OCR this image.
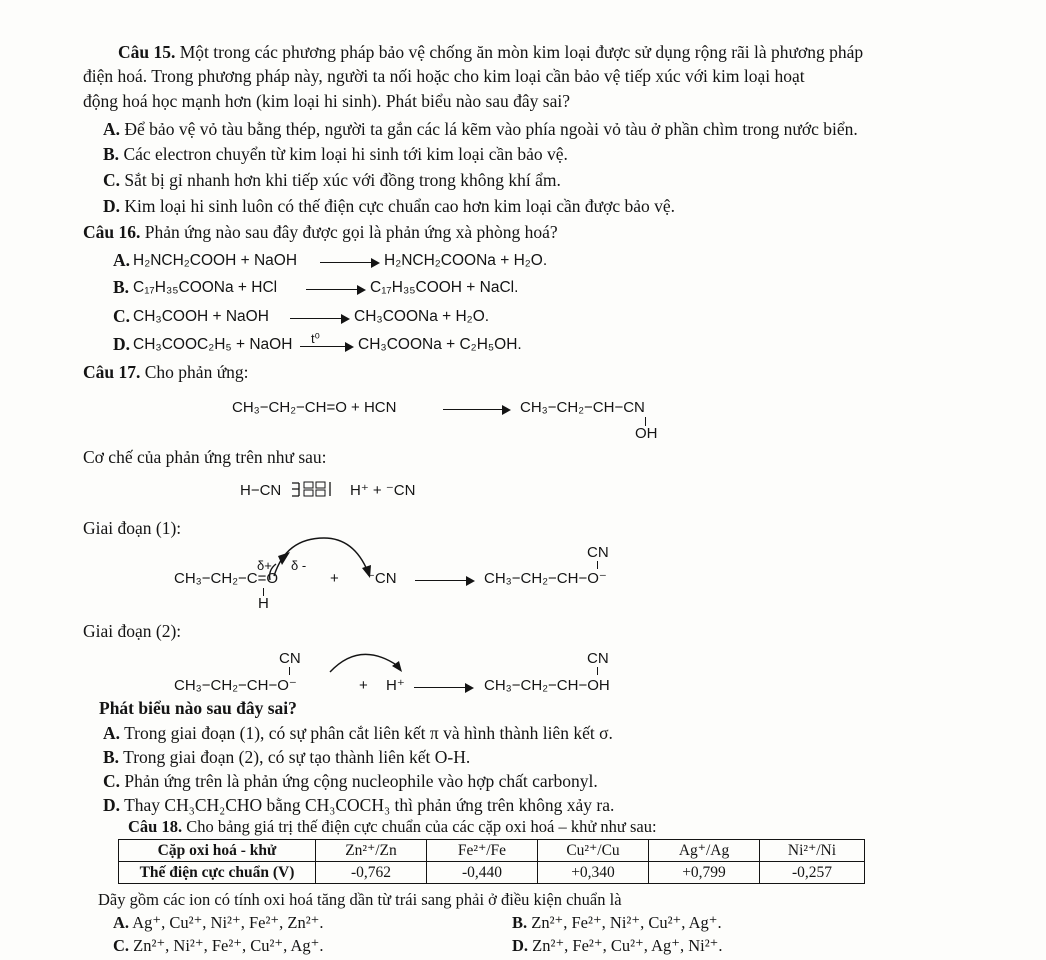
Câu 15. Một trong các phương pháp bảo vệ chống ăn mòn kim loại được sử dụng rộng rãi là phương pháp
điện hoá. Trong phương pháp này, người ta nối hoặc cho kim loại cần bảo vệ tiếp xúc với kim loại hoạt
động hoá học mạnh hơn (kim loại hi sinh). Phát biểu nào sau đây sai?
A. Để bảo vệ vỏ tàu bằng thép, người ta gắn các lá kẽm vào phía ngoài vỏ tàu ở phần chìm trong nước biển.
B. Các electron chuyển từ kim loại hi sinh tới kim loại cần bảo vệ.
C. Sắt bị gỉ nhanh hơn khi tiếp xúc với đồng trong không khí ẩm.
D. Kim loại hi sinh luôn có thế điện cực chuẩn cao hơn kim loại cần được bảo vệ.
Câu 16. Phản ứng nào sau đây được gọi là phản ứng xà phòng hoá?
A. H₂NCH₂COOH + NaOH → H₂NCH₂COONa + H₂O.
B. C₁₇H₃₅COONa + HCl → C₁₇H₃₅COOH + NaCl.
C. CH₃COOH + NaOH → CH₃COONa + H₂O.
D. CH₃COOC₂H₅ + NaOH t⁰ → CH₃COONa + C₂H₅OH.
Câu 17. Cho phản ứng:
CH₃−CH₂−CH=O + HCN	CH₃−CH₂−CH−CN
OH
Cơ chế của phản ứng trên như sau:
H−CN	H⁺ + ⁻CN
Giai đoạn (1):
δ+ δ -
CH₃−CH₂−C=O
H
+ ⁻CN →
CN
CH₃−CH₂−CH−O⁻
Giai đoạn (2):
CN
CH₃−CH₂−CH−O⁻	+ H⁺ →
CN
CH₃−CH₂−CH−OH
Phát biểu nào sau đây sai?
A. Trong giai đoạn (1), có sự phân cắt liên kết π và hình thành liên kết σ.
B. Trong giai đoạn (2), có sự tạo thành liên kết O-H.
C. Phản ứng trên là phản ứng cộng nucleophile vào hợp chất carbonyl.
D. Thay CH₃CH₂CHO bằng CH₃COCH₃ thì phản ứng trên không xảy ra.
Câu 18. Cho bảng giá trị thế điện cực chuẩn của các cặp oxi hoá – khử như sau:
Cặp oxi hoá - khử	Zn²⁺/Zn	Fe²⁺/Fe	Cu²⁺/Cu	Ag⁺/Ag	Ni²⁺/Ni
Thế điện cực chuẩn (V)	-0,762	-0,440	+0,340	+0,799	-0,257
Dãy gồm các ion có tính oxi hoá tăng dần từ trái sang phải ở điều kiện chuẩn là
A. Ag⁺, Cu²⁺, Ni²⁺, Fe²⁺, Zn²⁺.	B. Zn²⁺, Fe²⁺, Ni²⁺, Cu²⁺, Ag⁺.
C. Zn²⁺, Ni²⁺, Fe²⁺, Cu²⁺, Ag⁺.	D. Zn²⁺, Fe²⁺, Cu²⁺, Ag⁺, Ni²⁺.
